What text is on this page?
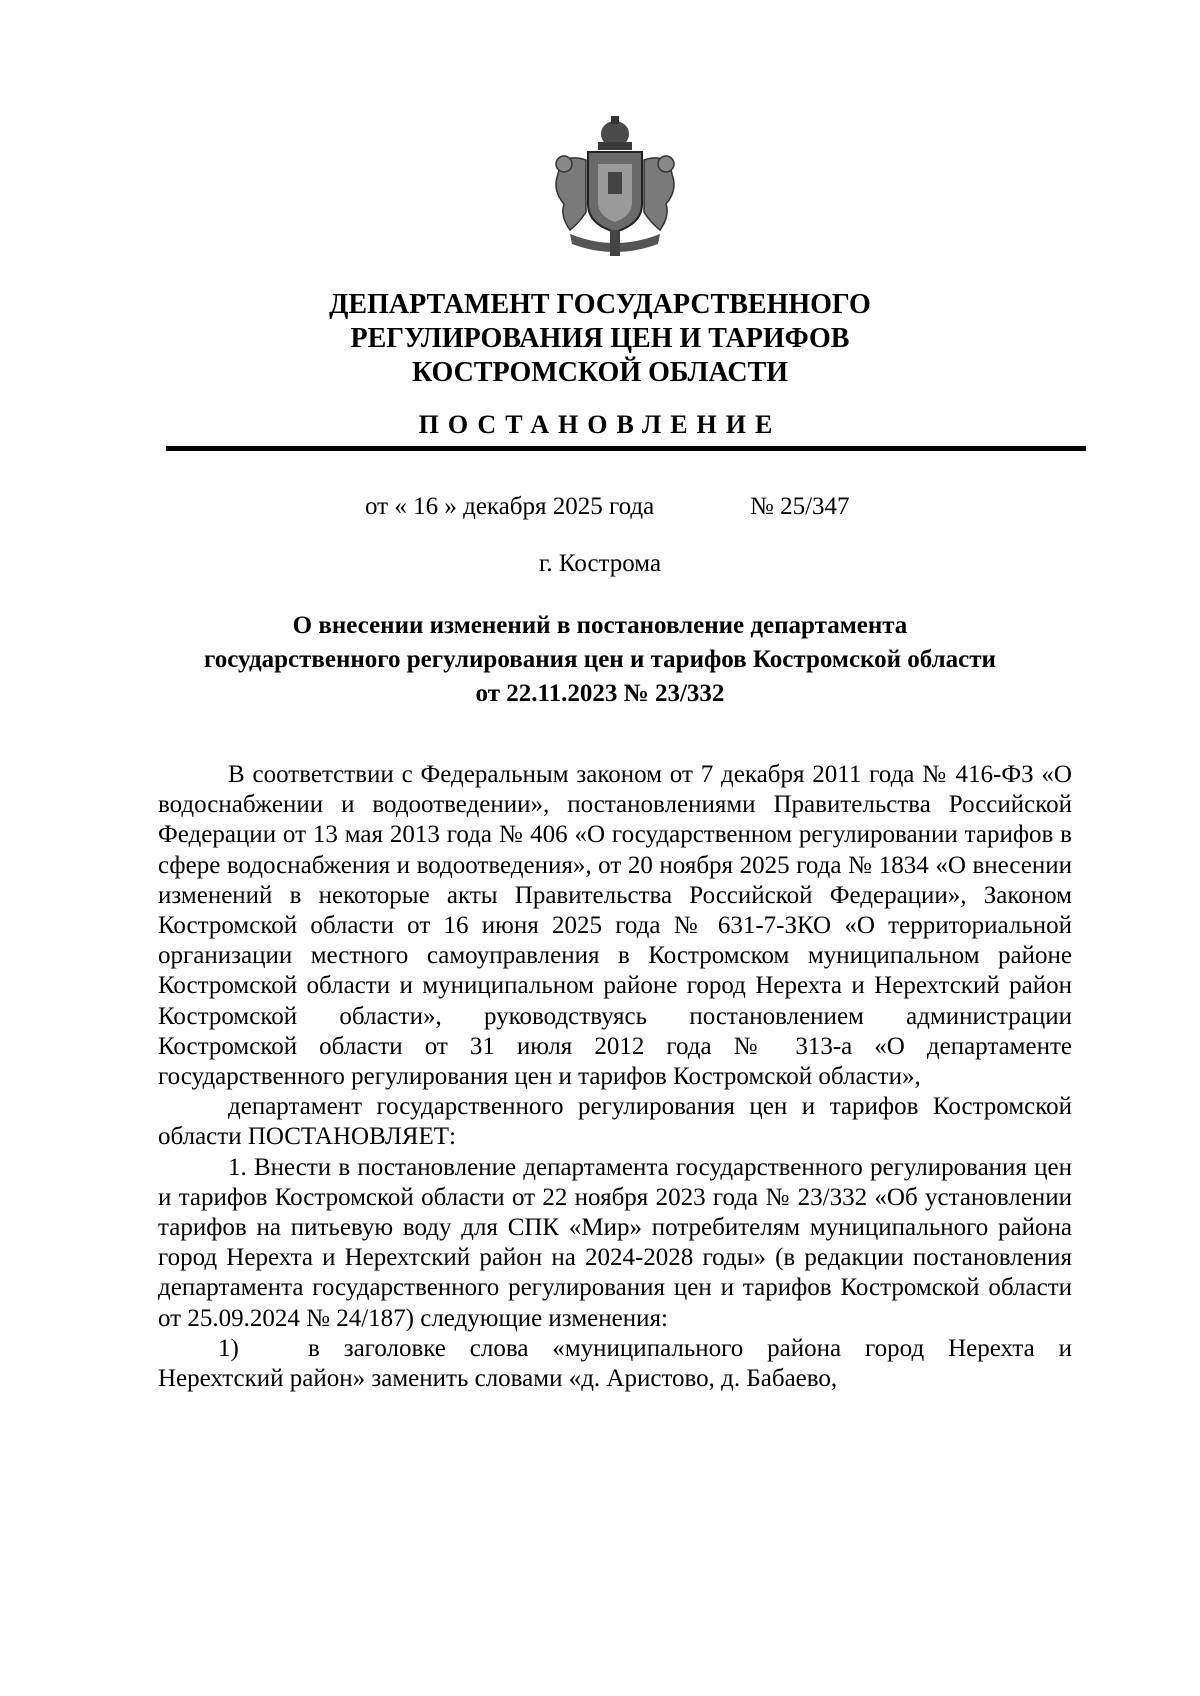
ДЕПАРТАМЕНТ ГОСУДАРСТВЕННОГО
РЕГУЛИРОВАНИЯ ЦЕН И ТАРИФОВ
КОСТРОМСКОЙ ОБЛАСТИ
ПОСТАНОВЛЕНИЕ
от « 16 » декабря 2025 года	№ 25/347
г. Кострома
О внесении изменений в постановление департамента
государственного регулирования цен и тарифов Костромской области
от 22.11.2023 № 23/332

В соответствии с Федеральным законом от 7 декабря 2011 года № 416-ФЗ «О водоснабжении и водоотведении», постановлениями Правительства Российской Федерации от 13 мая 2013 года № 406 «О государственном регулировании тарифов в сфере водоснабжения и водоотведения», от 20 ноября 2025 года № 1834 «О внесении изменений в некоторые акты Правительства Российской Федерации», Законом Костромской области от 16 июня 2025 года № 631-7-ЗКО «О территориальной организации местного самоуправления в Костромском муниципальном районе Костромской области и муниципальном районе город Нерехта и Нерехтский район Костромской области», руководствуясь постановлением администрации Костромской области от 31 июля 2012 года № 313-а «О департаменте государственного регулирования цен и тарифов Костромской области»,

департамент государственного регулирования цен и тарифов Костромской области ПОСТАНОВЛЯЕТ:

1. Внести в постановление департамента государственного регулирования цен и тарифов Костромской области от 22 ноября 2023 года № 23/332 «Об установлении тарифов на питьевую воду для СПК «Мир» потребителям муниципального района город Нерехта и Нерехтский район на 2024-2028 годы» (в редакции постановления департамента государственного регулирования цен и тарифов Костромской области от 25.09.2024 № 24/187) следующие изменения:

1)	в заголовке слова «муниципального района город Нерехта и Нерехтский район» заменить словами «д. Аристово, д. Бабаево,
